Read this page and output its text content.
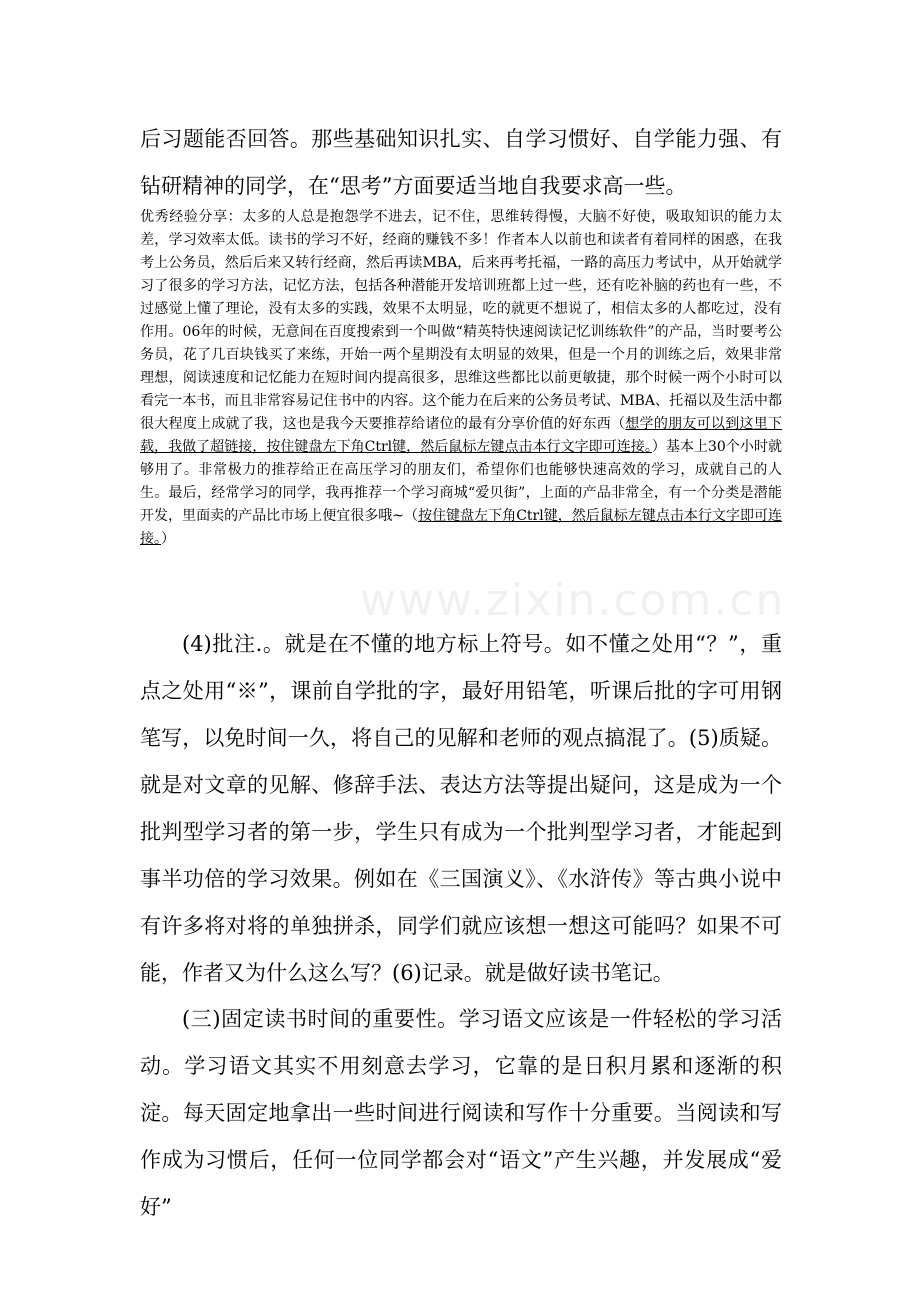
后习题能否回答。那些基础知识扎实、自学习惯好、自学能力强、有钻研精神的同学，在“思考”方面要适当地自我要求高一些。

优秀经验分享：太多的人总是抱怨学不进去，记不住，思维转得慢，大脑不好使，吸取知识的能力太差，学习效率太低。读书的学习不好，经商的赚钱不多！作者本人以前也和读者有着同样的困惑，在我考上公务员，然后后来又转行经商，然后再读MBA，后来再考托福，一路的高压力考试中，从开始就学习了很多的学习方法，记忆方法，包括各种潜能开发培训班都上过一些，还有吃补脑的药也有一些，不过感觉上懂了理论，没有太多的实践，效果不太明显，吃的就更不想说了，相信太多的人都吃过，没有作用。06年的时候，无意间在百度搜索到一个叫做“精英特快速阅读记忆训练软件”的产品，当时要考公务员，花了几百块钱买了来练，开始一两个星期没有太明显的效果，但是一个月的训练之后，效果非常理想，阅读速度和记忆能力在短时间内提高很多，思维这些都比以前更敏捷，那个时候一两个小时可以看完一本书，而且非常容易记住书中的内容。这个能力在后来的公务员考试、MBA、托福以及生活中都很大程度上成就了我，这也是我今天要推荐给诸位的最有分享价值的好东西（想学的朋友可以到这里下载，我做了超链接，按住键盘左下角Ctrl键，然后鼠标左键点击本行文字即可连接。）基本上30个小时就够用了。非常极力的推荐给正在高压学习的朋友们，希望你们也能够快速高效的学习，成就自己的人生。最后，经常学习的同学，我再推荐一个学习商城“爱贝街”，上面的产品非常全，有一个分类是潜能开发，里面卖的产品比市场上便宜很多哦~（按住键盘左下角Ctrl键，然后鼠标左键点击本行文字即可连接。）

www.zixin.com.cn

(4)批注.。就是在不懂的地方标上符号。如不懂之处用“？”，重点之处用“※”，课前自学批的字，最好用铅笔，听课后批的字可用钢笔写，以免时间一久，将自己的见解和老师的观点搞混了。(5)质疑。就是对文章的见解、修辞手法、表达方法等提出疑问，这是成为一个批判型学习者的第一步，学生只有成为一个批判型学习者，才能起到事半功倍的学习效果。例如在《三国演义》、《水浒传》等古典小说中有许多将对将的单独拼杀，同学们就应该想一想这可能吗？如果不可能，作者又为什么这么写？(6)记录。就是做好读书笔记。

(三)固定读书时间的重要性。学习语文应该是一件轻松的学习活动。学习语文其实不用刻意去学习，它靠的是日积月累和逐渐的积淀。每天固定地拿出一些时间进行阅读和写作十分重要。当阅读和写作成为习惯后，任何一位同学都会对“语文”产生兴趣，并发展成“爱好”
